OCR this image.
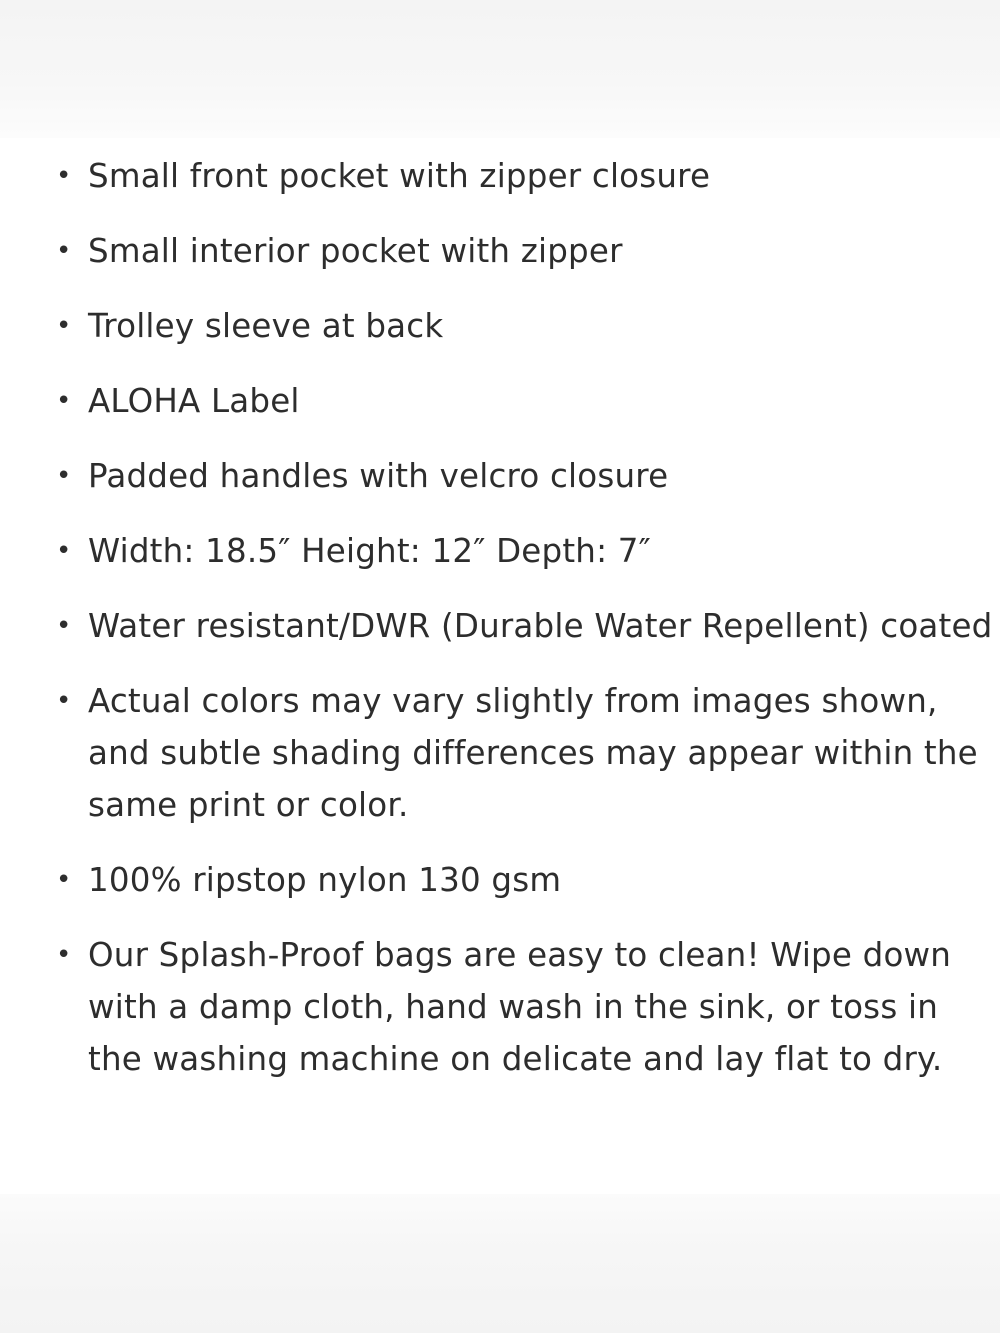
• Small front pocket with zipper closure
• Small interior pocket with zipper
• Trolley sleeve at back
• ALOHA Label
• Padded handles with velcro closure
• Width: 18.5″ Height: 12″ Depth: 7″
• Water resistant/DWR (Durable Water Repellent) coated
• Actual colors may vary slightly from images shown, and subtle shading differences may appear within the same print or color.
• 100% ripstop nylon 130 gsm
• Our Splash-Proof bags are easy to clean! Wipe down with a damp cloth, hand wash in the sink, or toss in the washing machine on delicate and lay flat to dry.
